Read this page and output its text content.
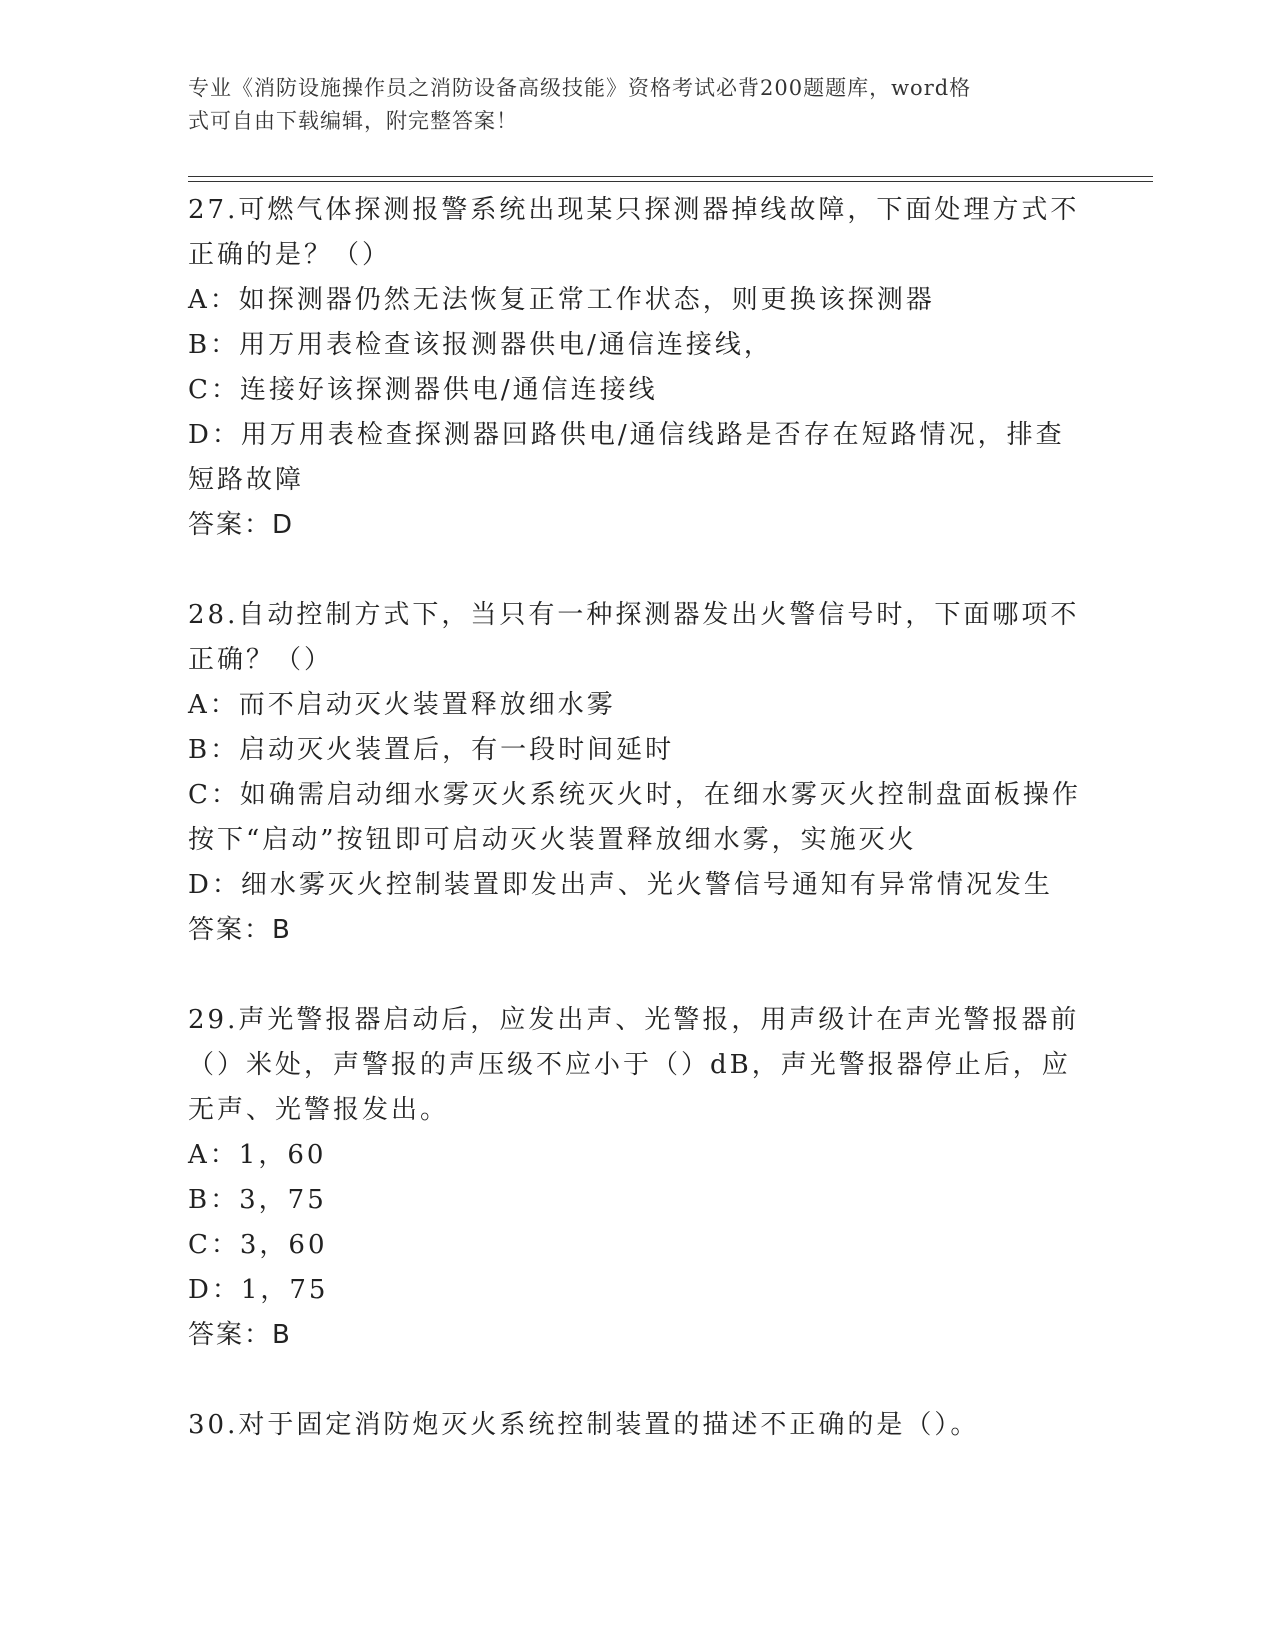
专业《消防设施操作员之消防设备高级技能》资格考试必背200题题库，word格
式可自由下载编辑，附完整答案！

27.可燃气体探测报警系统出现某只探测器掉线故障，下面处理方式不

正确的是？（）

A：如探测器仍然无法恢复正常工作状态，则更换该探测器

B：用万用表检查该报测器供电/通信连接线，

C：连接好该探测器供电/通信连接线

D：用万用表检查探测器回路供电/通信线路是否存在短路情况，排查

短路故障

答案：D

28.自动控制方式下，当只有一种探测器发出火警信号时，下面哪项不

正确？（）

A：而不启动灭火装置释放细水雾

B：启动灭火装置后，有一段时间延时

C：如确需启动细水雾灭火系统灭火时，在细水雾灭火控制盘面板操作

按下“启动”按钮即可启动灭火装置释放细水雾，实施灭火

D：细水雾灭火控制装置即发出声、光火警信号通知有异常情况发生

答案：B

29.声光警报器启动后，应发出声、光警报，用声级计在声光警报器前

（）米处，声警报的声压级不应小于（）dB，声光警报器停止后，应

无声、光警报发出。

A：1，60

B：3，75

C：3，60

D：1，75

答案：B

30.对于固定消防炮灭火系统控制装置的描述不正确的是（）。
